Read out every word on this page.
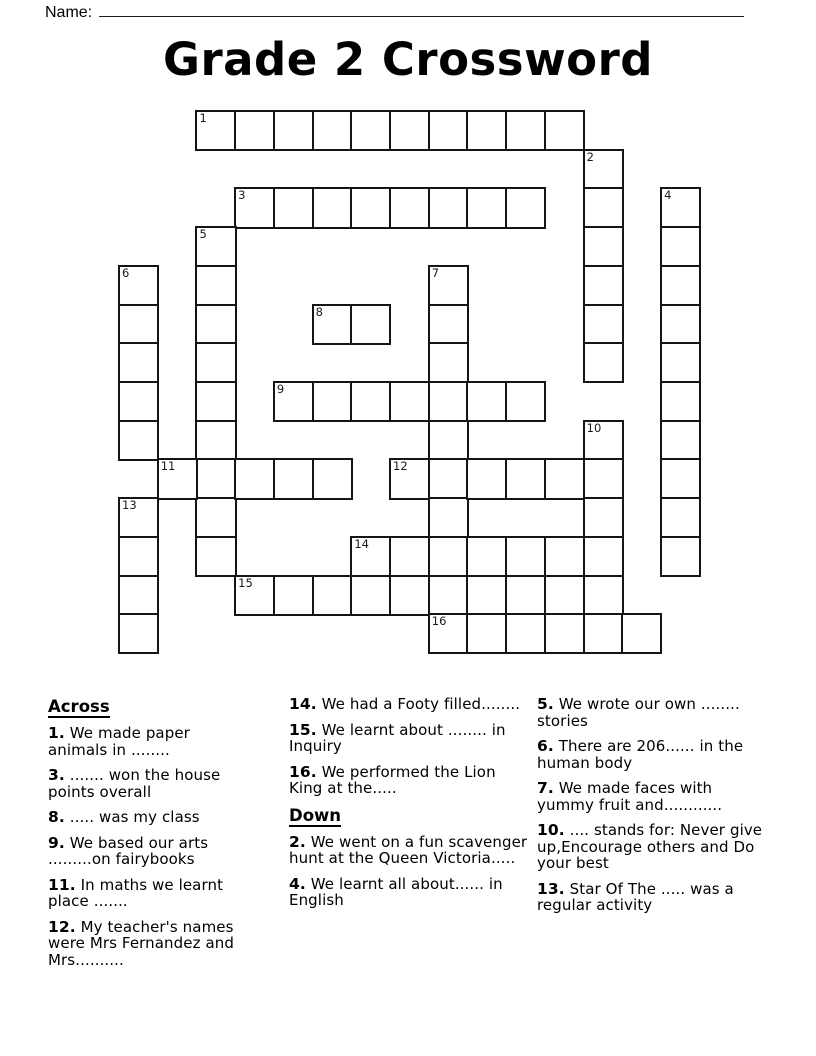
Name:
Grade 2 Crossword
1
2
3	4
5
6	7
16
8
9
10
11	12
13
14
15
Across

1. We made paper animals in ........

3. ....... won the house points overall

8. ..... was my class

9. We based our arts .........on fairybooks

11. In maths we learnt place .......

12. My teacher's names were Mrs Fernandez and Mrs..........

14. We had a Footy filled........

15. We learnt about ........ in Inquiry

16. We performed the Lion King at the.....

Down

2. We went on a fun scavenger hunt at the Queen Victoria.....

4. We learnt all about...... in English

5. We wrote our own ........ stories

6. There are 206...... in the human body

7. We made faces with yummy fruit and............

10. .... stands for: Never give up,Encourage others and Do your best

13. Star Of The ..... was a regular activity
